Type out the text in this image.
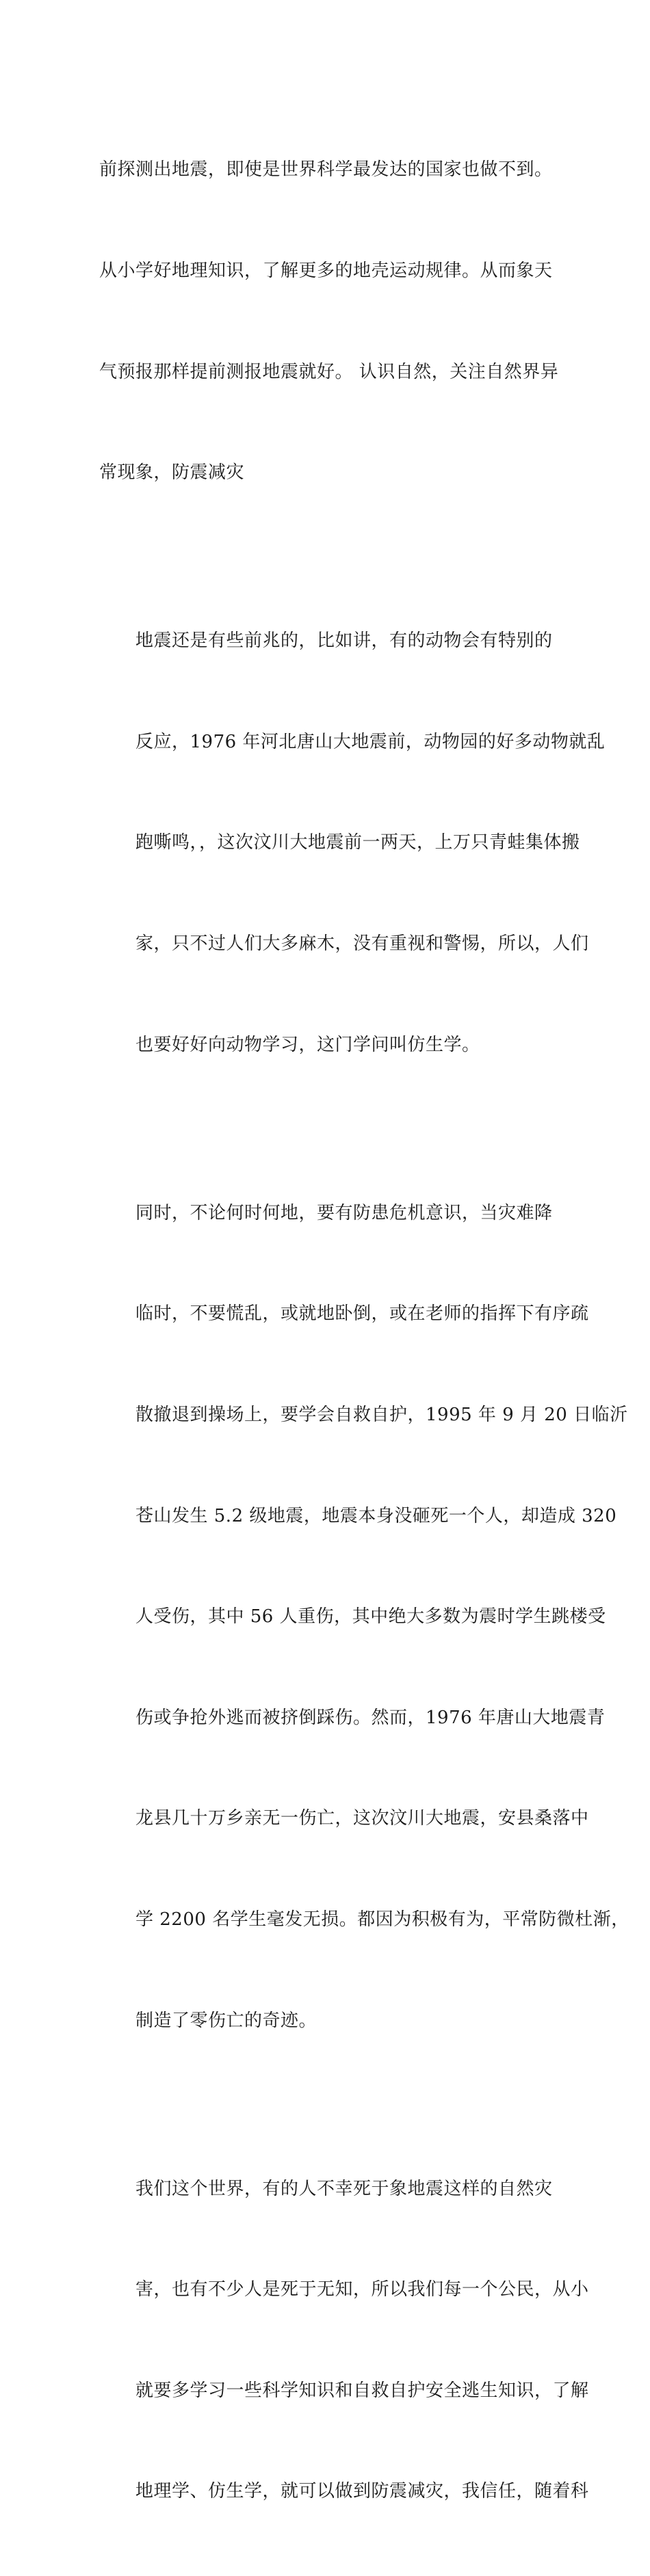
前探测出地震，即使是世界科学最发达的国家也做不到。

从小学好地理知识，了解更多的地壳运动规律。从而象天

气预报那样提前测报地震就好。 认识自然，关注自然界异

常现象，防震减灾

地震还是有些前兆的，比如讲，有的动物会有特别的

反应，1976 年河北唐山大地震前，动物园的好多动物就乱

跑嘶鸣，，这次汶川大地震前一两天，上万只青蛙集体搬

家，只不过人们大多麻木，没有重视和警惕，所以，人们

也要好好向动物学习，这门学问叫仿生学。

同时，不论何时何地，要有防患危机意识，当灾难降

临时，不要慌乱，或就地卧倒，或在老师的指挥下有序疏

散撤退到操场上，要学会自救自护，1995 年 9 月 20 日临沂

苍山发生 5.2 级地震，地震本身没砸死一个人，却造成 320

人受伤，其中 56 人重伤，其中绝大多数为震时学生跳楼受

伤或争抢外逃而被挤倒踩伤。然而，1976 年唐山大地震青

龙县几十万乡亲无一伤亡，这次汶川大地震，安县桑落中

学 2200 名学生毫发无损。都因为积极有为，平常防微杜渐，

制造了零伤亡的奇迹。

我们这个世界，有的人不幸死于象地震这样的自然灾

害，也有不少人是死于无知，所以我们每一个公民，从小

就要多学习一些科学知识和自救自护安全逃生知识，了解

地理学、仿生学，就可以做到防震减灾，我信任，随着科
